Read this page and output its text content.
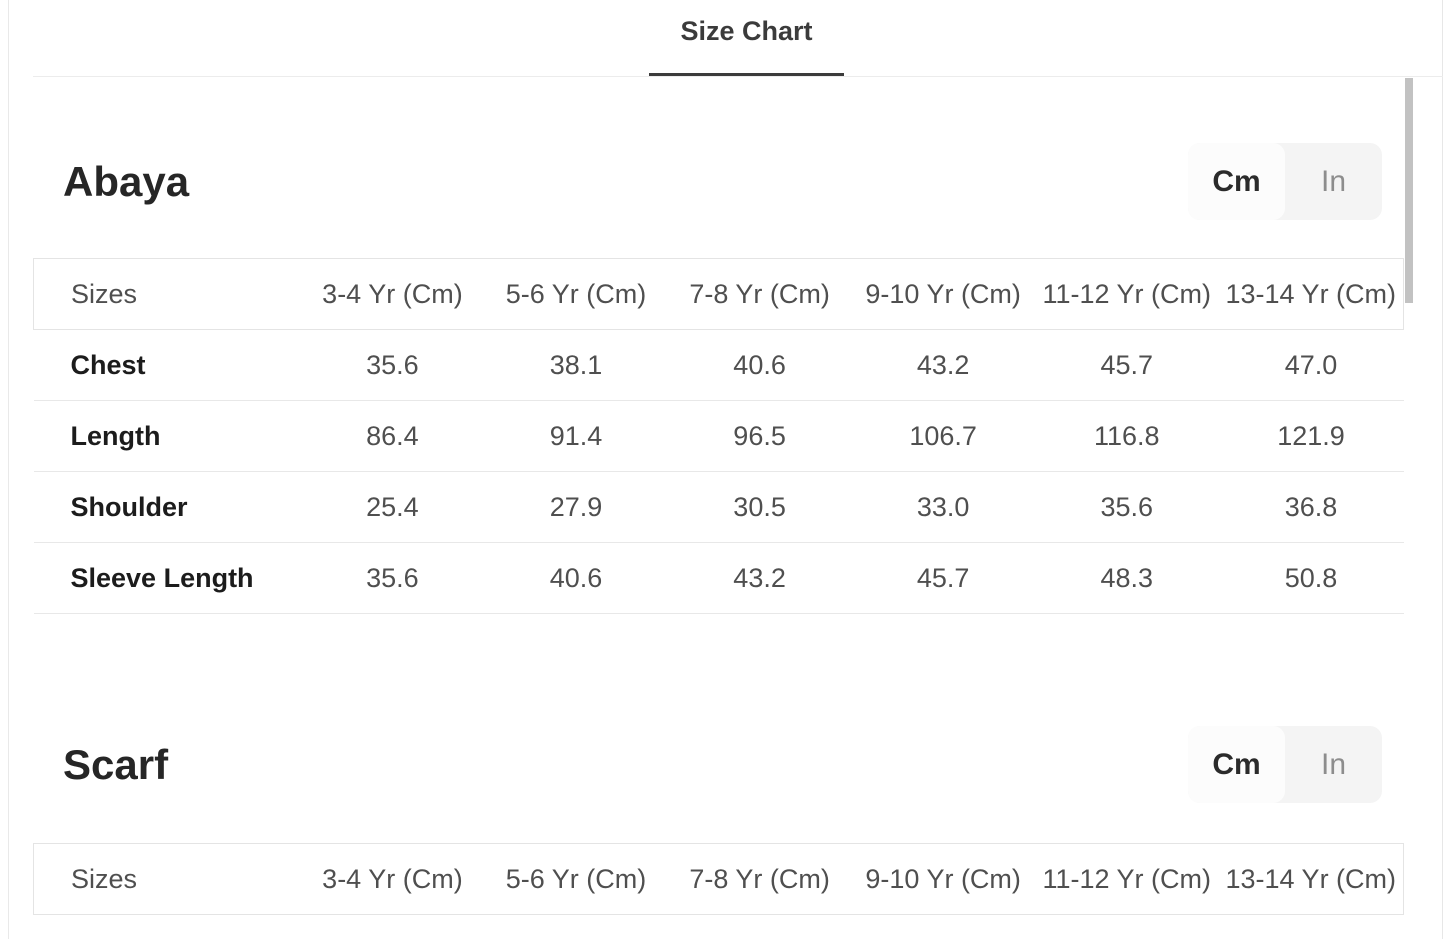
Size Chart
Abaya	Cm	In
Sizes	3-4 Yr (Cm)	5-6 Yr (Cm)	7-8 Yr (Cm)	9-10 Yr (Cm)	11-12 Yr (Cm)	13-14 Yr (Cm)
Chest	35.6	38.1	40.6	43.2	45.7	47.0
Length	86.4	91.4	96.5	106.7	116.8	121.9
Shoulder	25.4	27.9	30.5	33.0	35.6	36.8
Sleeve Length	35.6	40.6	43.2	45.7	48.3	50.8
Scarf	Cm	In
Sizes	3-4 Yr (Cm)	5-6 Yr (Cm)	7-8 Yr (Cm)	9-10 Yr (Cm)	11-12 Yr (Cm)	13-14 Yr (Cm)
